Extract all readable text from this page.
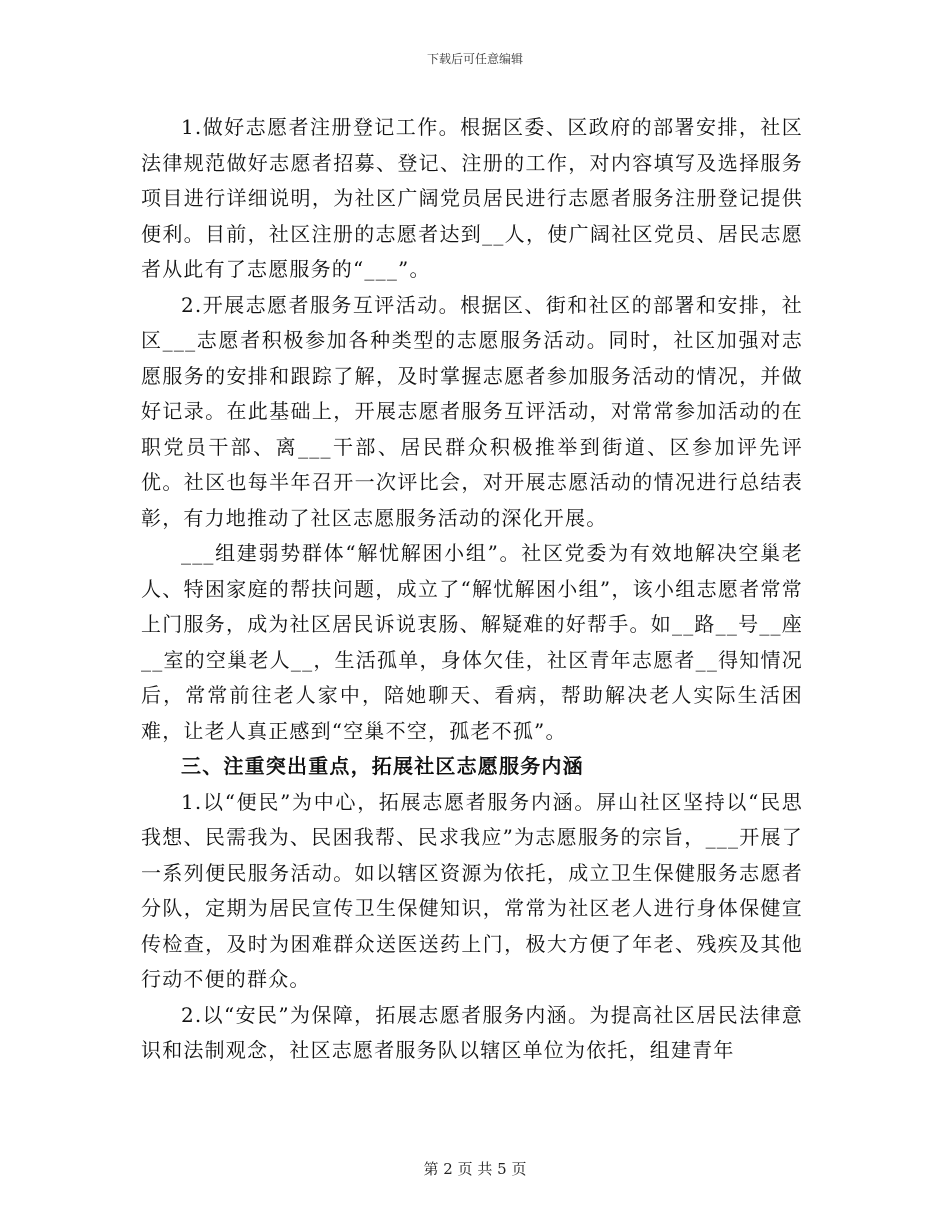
下载后可任意编辑

1.做好志愿者注册登记工作。根据区委、区政府的部署安排，社区法律规范做好志愿者招募、登记、注册的工作，对内容填写及选择服务项目进行详细说明，为社区广阔党员居民进行志愿者服务注册登记提供便利。目前，社区注册的志愿者达到__人，使广阔社区党员、居民志愿者从此有了志愿服务的“___”。

2.开展志愿者服务互评活动。根据区、街和社区的部署和安排，社区___志愿者积极参加各种类型的志愿服务活动。同时，社区加强对志愿服务的安排和跟踪了解，及时掌握志愿者参加服务活动的情况，并做好记录。在此基础上，开展志愿者服务互评活动，对常常参加活动的在职党员干部、离___干部、居民群众积极推举到街道、区参加评先评优。社区也每半年召开一次评比会，对开展志愿活动的情况进行总结表彰，有力地推动了社区志愿服务活动的深化开展。

___组建弱势群体“解忧解困小组”。社区党委为有效地解决空巢老人、特困家庭的帮扶问题，成立了“解忧解困小组”，该小组志愿者常常上门服务，成为社区居民诉说衷肠、解疑难的好帮手。如__路__号__座__室的空巢老人__，生活孤单，身体欠佳，社区青年志愿者__得知情况后，常常前往老人家中，陪她聊天、看病，帮助解决老人实际生活困难，让老人真正感到“空巢不空，孤老不孤”。

三、注重突出重点，拓展社区志愿服务内涵

1.以“便民”为中心，拓展志愿者服务内涵。屏山社区坚持以“民思我想、民需我为、民困我帮、民求我应”为志愿服务的宗旨，___开展了一系列便民服务活动。如以辖区资源为依托，成立卫生保健服务志愿者分队，定期为居民宣传卫生保健知识，常常为社区老人进行身体保健宣传检查，及时为困难群众送医送药上门，极大方便了年老、残疾及其他行动不便的群众。

2.以“安民”为保障，拓展志愿者服务内涵。为提高社区居民法律意识和法制观念，社区志愿者服务队以辖区单位为依托，组建青年

第 2 页 共 5 页
